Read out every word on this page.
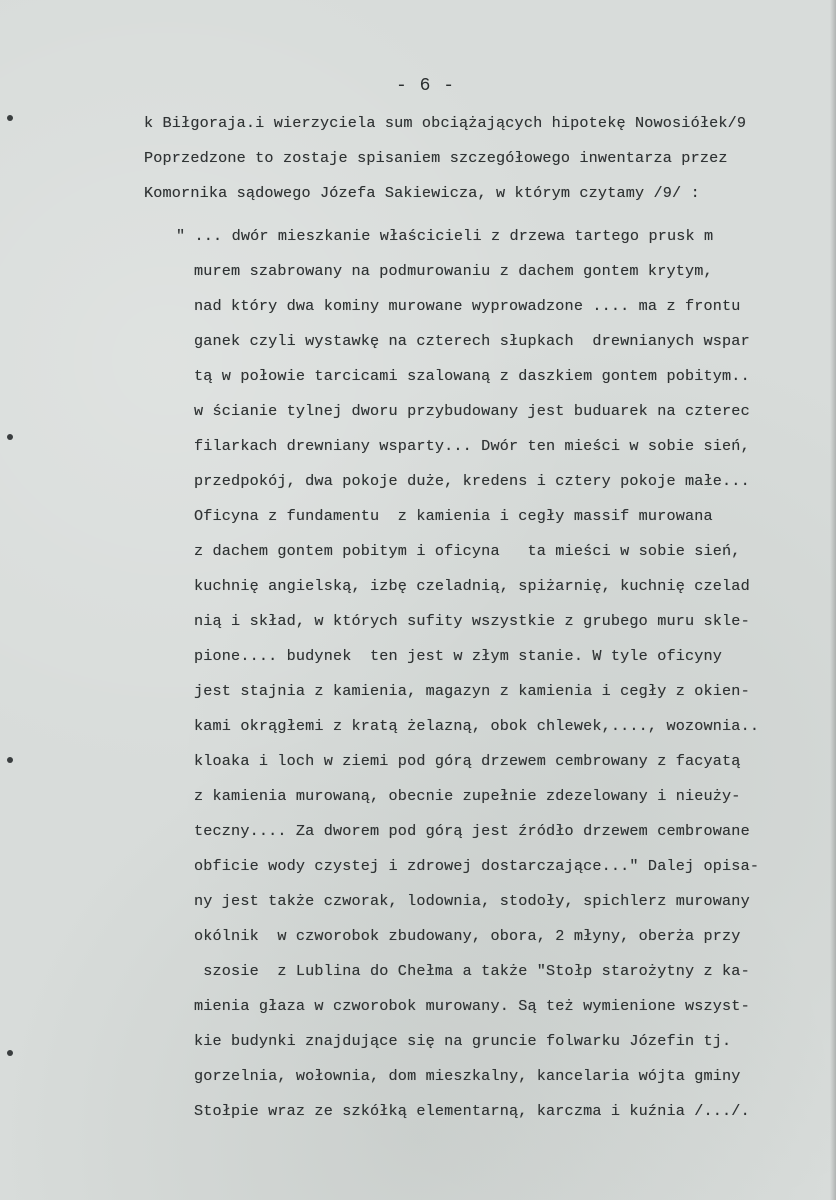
- 6 -
k Biłgoraja.i wierzyciela sum obciążających hipotekę Nowosiółek/9
Poprzedzone to zostaje spisaniem szczegółowego inwentarza przez
Komornika sądowego Józefa Sakiewicza, w którym czytamy /9/ :
" ... dwór mieszkanie właścicieli z drzewa tartego prusk m
murem szabrowany na podmurowaniu z dachem gontem krytym,
nad który dwa kominy murowane wyprowadzone .... ma z frontu
ganek czyli wystawkę na czterech słupkach  drewnianych wspar
tą w połowie tarcicami szalowaną z daszkiem gontem pobitym..
w ścianie tylnej dworu przybudowany jest buduarek na czterec
filarkach drewniany wsparty... Dwór ten mieści w sobie sień,
przedpokój, dwa pokoje duże, kredens i cztery pokoje małe...
Oficyna z fundamentu  z kamienia i cegły massif murowana
z dachem gontem pobitym i oficyna   ta mieści w sobie sień,
kuchnię angielską, izbę czeladnią, spiżarnię, kuchnię czelad
nią i skład, w których sufity wszystkie z grubego muru sklе-
pione.... budynek  ten jest w złym stanie. W tyle oficyny
jest stajnia z kamienia, magazyn z kamienia i cegły z okien-
kami okrągłemi z kratą żelazną, obok chlewek,...., wozownia..
kloaka i loch w ziemi pod górą drzewem cembrowany z facyatą
z kamienia murowaną, obecnie zupełnie zdezelowany i nieuży-
teczny.... Za dworem pod górą jest źródło drzewem cembrowane
obficie wody czystej i zdrowej dostarczające..." Dalej opisa-
ny jest także czworak, lodownia, stodoły, spichlerz murowany
okólnik  w czworobok zbudowany, obora, 2 młyny, oberża przy
szosie  z Lublina do Chełma a także "Stołp starożytny z ka-
mienia głaza w czworobok murowany. Są też wymienione wszyst-
kie budynki znajdujące się na gruncie folwarku Józefin tj.
gorzelnia, wołownia, dom mieszkalny, kancelaria wójta gminy
Stołpie wraz ze szkółką elementarną, karczma i kuźnia /.../.
